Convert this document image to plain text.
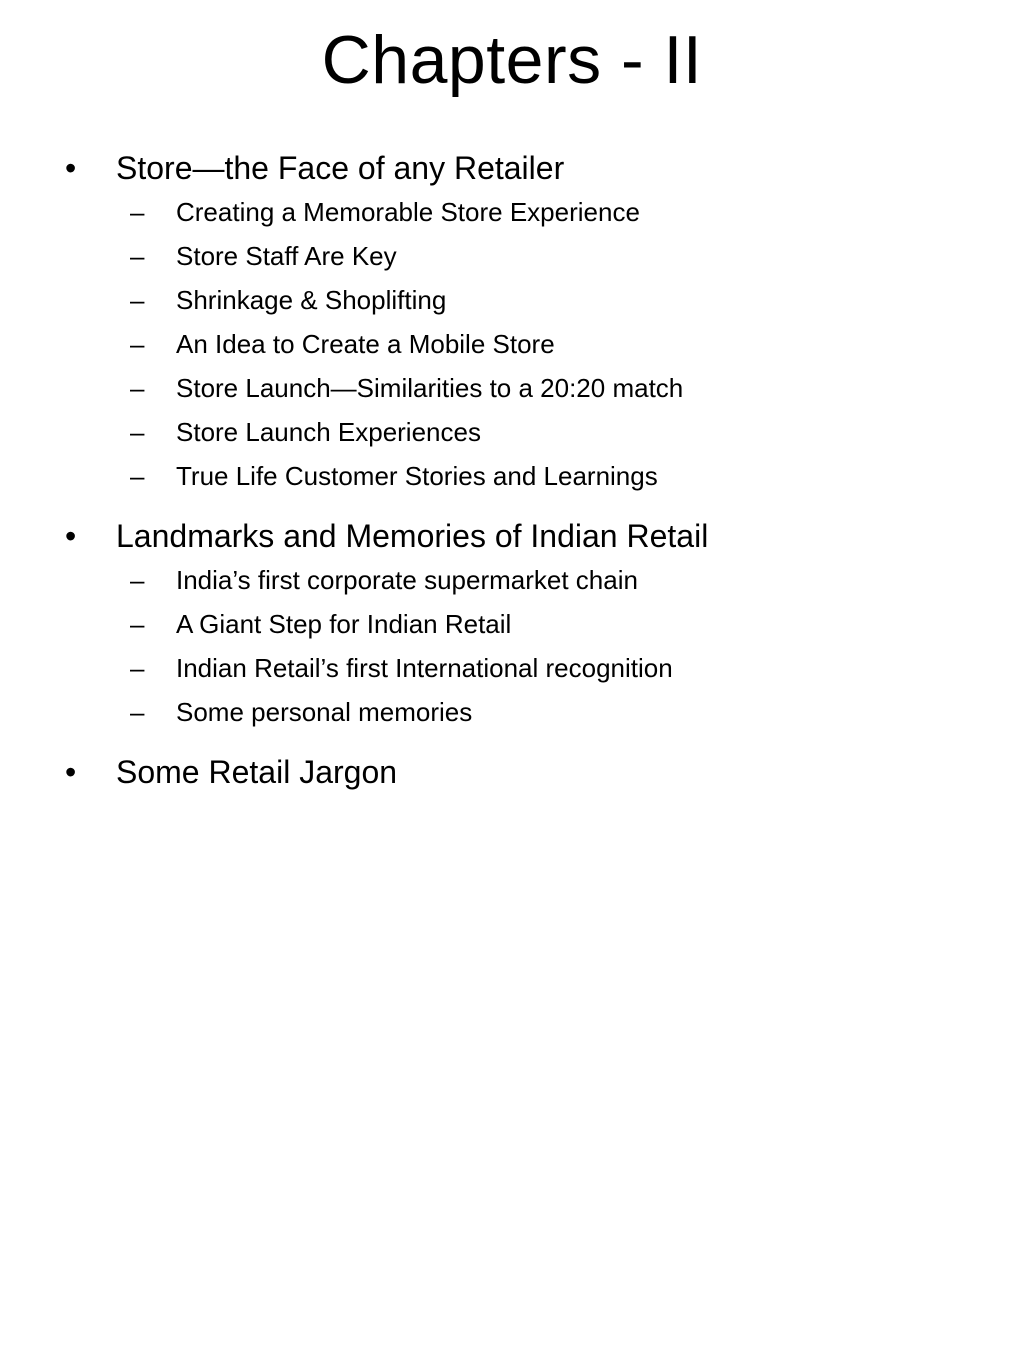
Chapters - II
• Store—the Face of any Retailer
– Creating a Memorable Store Experience
– Store Staff Are Key
– Shrinkage & Shoplifting
– An Idea to Create a Mobile Store
– Store Launch—Similarities to a 20:20 match
– Store Launch Experiences
– True Life Customer Stories and Learnings
• Landmarks and Memories of Indian Retail
– India’s first corporate supermarket chain
– A Giant Step for Indian Retail
– Indian Retail’s first International recognition
– Some personal memories
• Some Retail Jargon
